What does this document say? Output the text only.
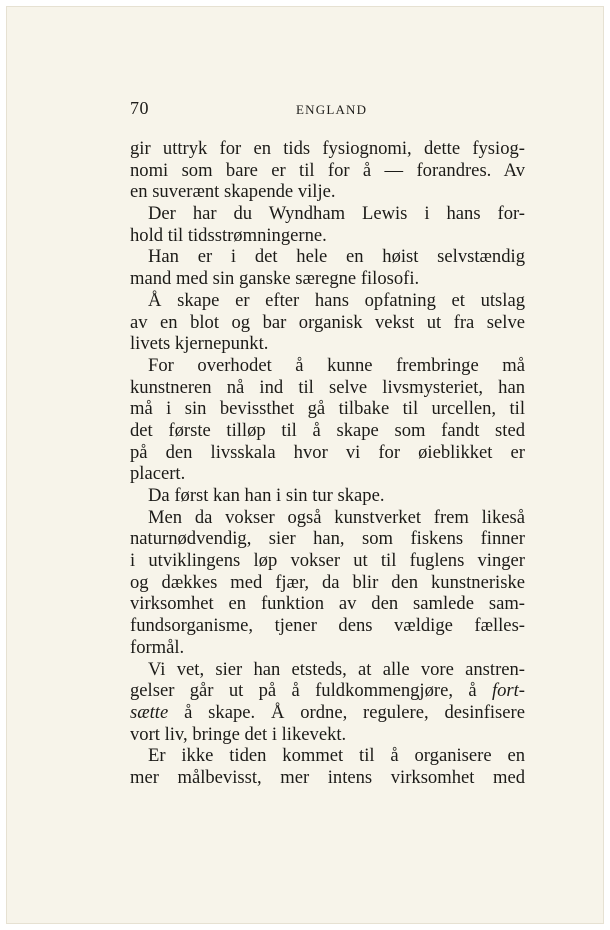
70	ENGLAND
gir uttryk for en tids fysiognomi, dette fysiog-
nomi som bare er til for å — forandres. Av
en suverænt skapende vilje.
Der har du Wyndham Lewis i hans for-
hold til tidsstrømningerne.
Han er i det hele en høist selvstændig
mand med sin ganske særegne filosofi.
Å skape er efter hans opfatning et utslag
av en blot og bar organisk vekst ut fra selve
livets kjernepunkt.
For overhodet å kunne frembringe må
kunstneren nå ind til selve livsmysteriet, han
må i sin bevissthet gå tilbake til urcellen, til
det første tilløp til å skape som fandt sted
på den livsskala hvor vi for øieblikket er
placert.
Da først kan han i sin tur skape.
Men da vokser også kunstverket frem likeså
naturnødvendig, sier han, som fiskens finner
i utviklingens løp vokser ut til fuglens vinger
og dækkes med fjær, da blir den kunstneriske
virksomhet en funktion av den samlede sam-
fundsorganisme, tjener dens vældige fælles-
formål.
Vi vet, sier han etsteds, at alle vore anstren-
gelser går ut på å fuldkommengjøre, å fort-
sætte å skape. Å ordne, regulere, desinfisere
vort liv, bringe det i likevekt.
Er ikke tiden kommet til å organisere en
mer målbevisst, mer intens virksomhet med
